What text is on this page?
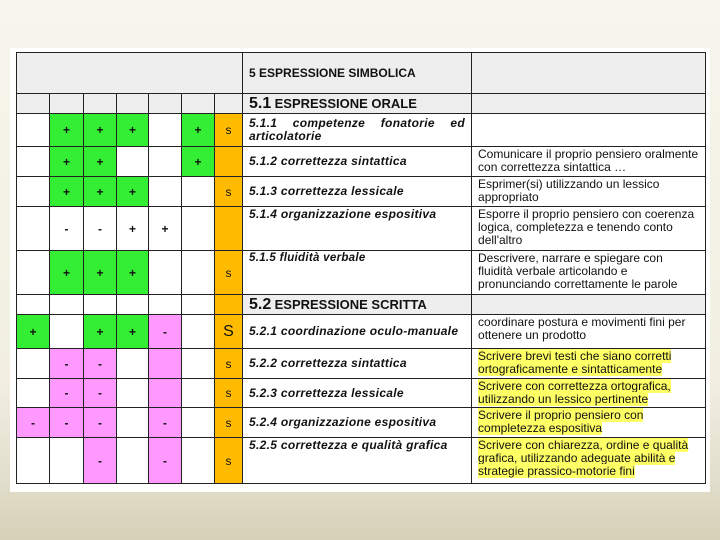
							5 ESPRESSIONE SIMBOLICA	
							5.1 ESPRESSIONE ORALE	
	+	+	+		+	s	5.1.1 competenze fonatorie ed articolatorie	
	+	+			+		5.1.2 correttezza sintattica	Comunicare il proprio pensiero oralmente con correttezza sintattica …
	+	+	+			s	5.1.3 correttezza lessicale	Esprimer(si) utilizzando un lessico appropriato
	-	-	+	+			5.1.4 organizzazione espositiva	Esporre il proprio pensiero con coerenza logica, completezza e tenendo conto dell'altro
	+	+	+			s	5.1.5 fluidità verbale	Descrivere, narrare e spiegare con fluidità verbale articolando e pronunciando correttamente le parole
							5.2 ESPRESSIONE SCRITTA	
+		+	+	-		S	5.2.1 coordinazione oculo-manuale	coordinare postura e movimenti fini per ottenere un prodotto
	-	-				s	5.2.2 correttezza sintattica	Scrivere brevi testi che siano corretti ortograficamente e sintatticamente
	-	-				s	5.2.3 correttezza lessicale	Scrivere con correttezza ortografica, utilizzando un lessico pertinente
-	-	-		-		s	5.2.4 organizzazione espositiva	Scrivere il proprio pensiero con completezza espositiva
		-		-		s	5.2.5 correttezza e qualità grafica	Scrivere con chiarezza, ordine e qualità grafica, utilizzando adeguate abilità e strategie prassico-motorie fini
